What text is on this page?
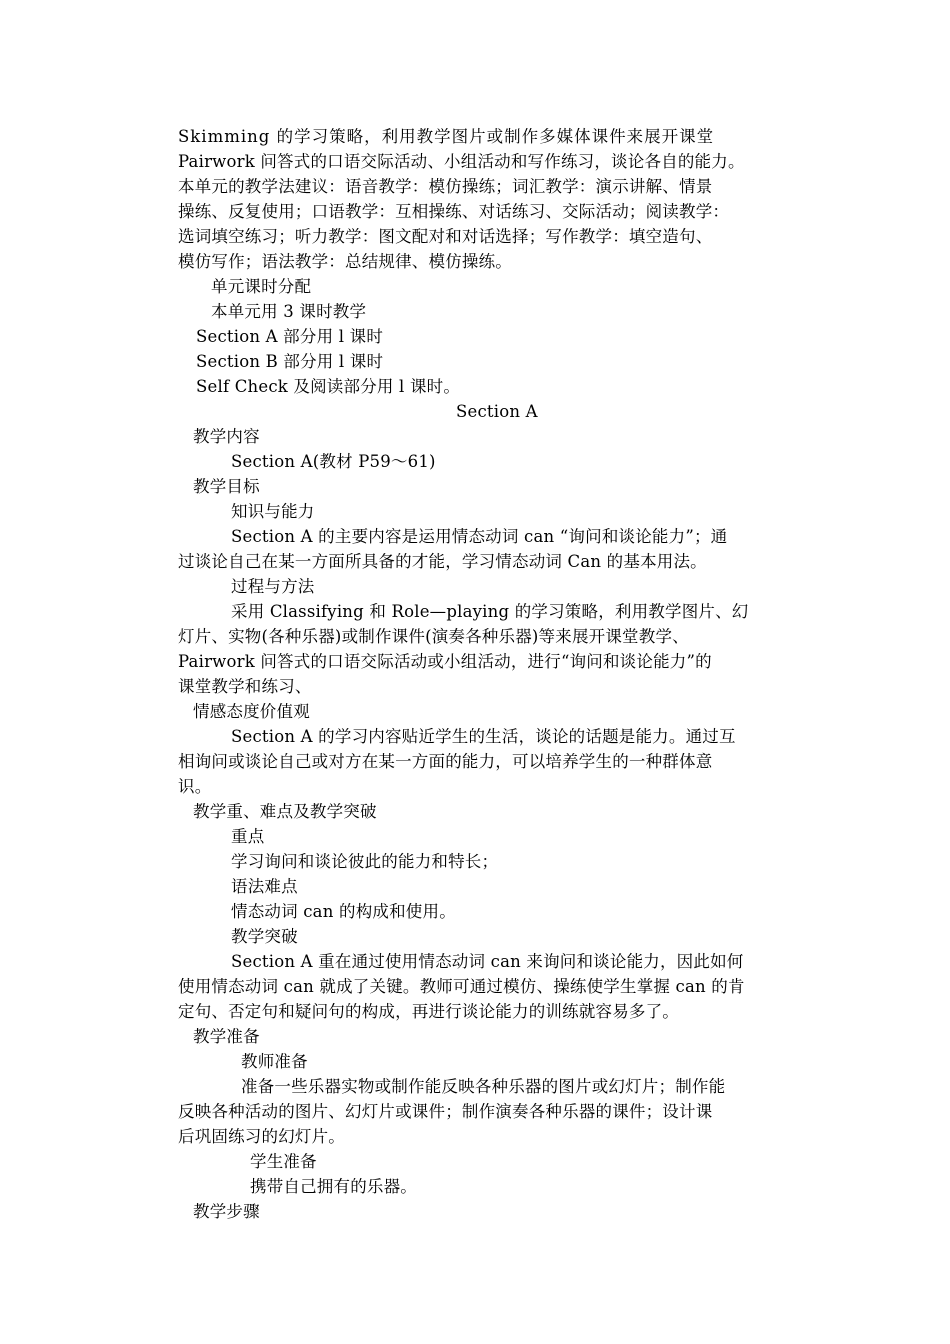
Skimming 的学习策略，利用教学图片或制作多媒体课件来展开课堂
Pairwork 问答式的口语交际活动、小组活动和写作练习，谈论各自的能力。
本单元的教学法建议：语音教学：模仿操练；词汇教学：演示讲解、情景
操练、反复使用；口语教学：互相操练、对话练习、交际活动；阅读教学：
选词填空练习；听力教学：图文配对和对话选择；写作教学：填空造句、
模仿写作；语法教学：总结规律、模仿操练。
单元课时分配
本单元用 3 课时教学
Section A 部分用 l 课时
Section B 部分用 l 课时
Self Check 及阅读部分用 l 课时。
Section A
教学内容
Section A(教材 P59～61)
教学目标
知识与能力
Section A 的主要内容是运用情态动词 can “询问和谈论能力”；通
过谈论自己在某一方面所具备的才能，学习情态动词 Can 的基本用法。
过程与方法
采用 Classifying 和 Role—playing 的学习策略，利用教学图片、幻
灯片、实物(各种乐器)或制作课件(演奏各种乐器)等来展开课堂教学、
Pairwork 问答式的口语交际活动或小组活动，进行“询问和谈论能力”的
课堂教学和练习、
情感态度价值观
Section A 的学习内容贴近学生的生活，谈论的话题是能力。通过互
相询问或谈论自己或对方在某一方面的能力，可以培养学生的一种群体意
识。
教学重、难点及教学突破
重点
学习询问和谈论彼此的能力和特长；
语法难点
情态动词 can 的构成和使用。
教学突破
Section A 重在通过使用情态动词 can 来询问和谈论能力，因此如何
使用情态动词 can 就成了关键。教师可通过模仿、操练使学生掌握 can 的肯
定句、否定句和疑问句的构成，再进行谈论能力的训练就容易多了。
教学准备
教师准备
准备一些乐器实物或制作能反映各种乐器的图片或幻灯片；制作能
反映各种活动的图片、幻灯片或课件；制作演奏各种乐器的课件；设计课
后巩固练习的幻灯片。
学生准备
携带自己拥有的乐器。
教学步骤
